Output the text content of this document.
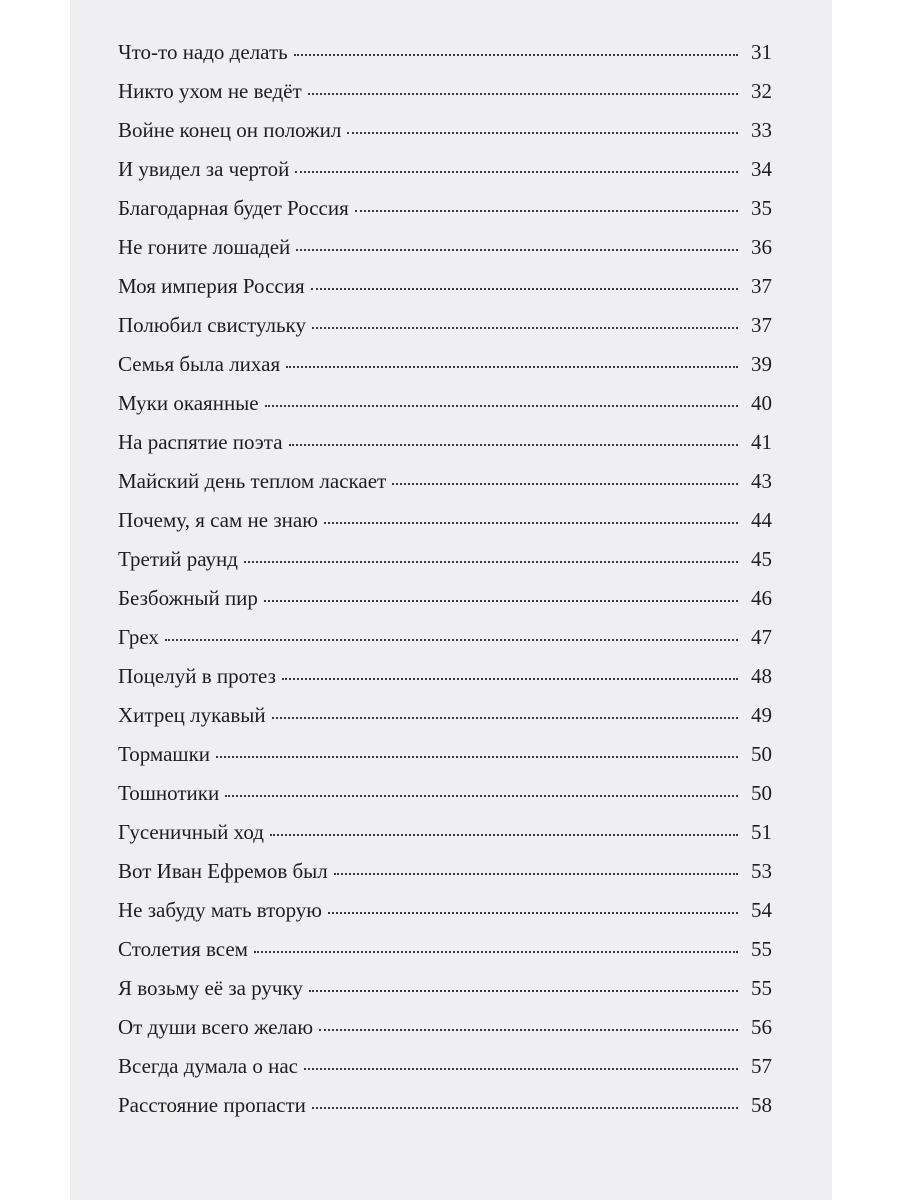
Что-то надо делать	31
Никто ухом не ведёт	32
Войне конец он положил	33
И увидел за чертой	34
Благодарная будет Россия	35
Не гоните лошадей	36
Моя империя Россия	37
Полюбил свистульку	37
Семья была лихая	39
Муки окаянные	40
На распятие поэта	41
Майский день теплом ласкает	43
Почему, я сам не знаю	44
Третий раунд	45
Безбожный пир	46
Грех	47
Поцелуй в протез	48
Хитрец лукавый	49
Тормашки	50
Тошнотики	50
Гусеничный ход	51
Вот Иван Ефремов был	53
Не забуду мать вторую	54
Столетия всем	55
Я возьму её за ручку	55
От души всего желаю	56
Всегда думала о нас	57
Расстояние пропасти	58
